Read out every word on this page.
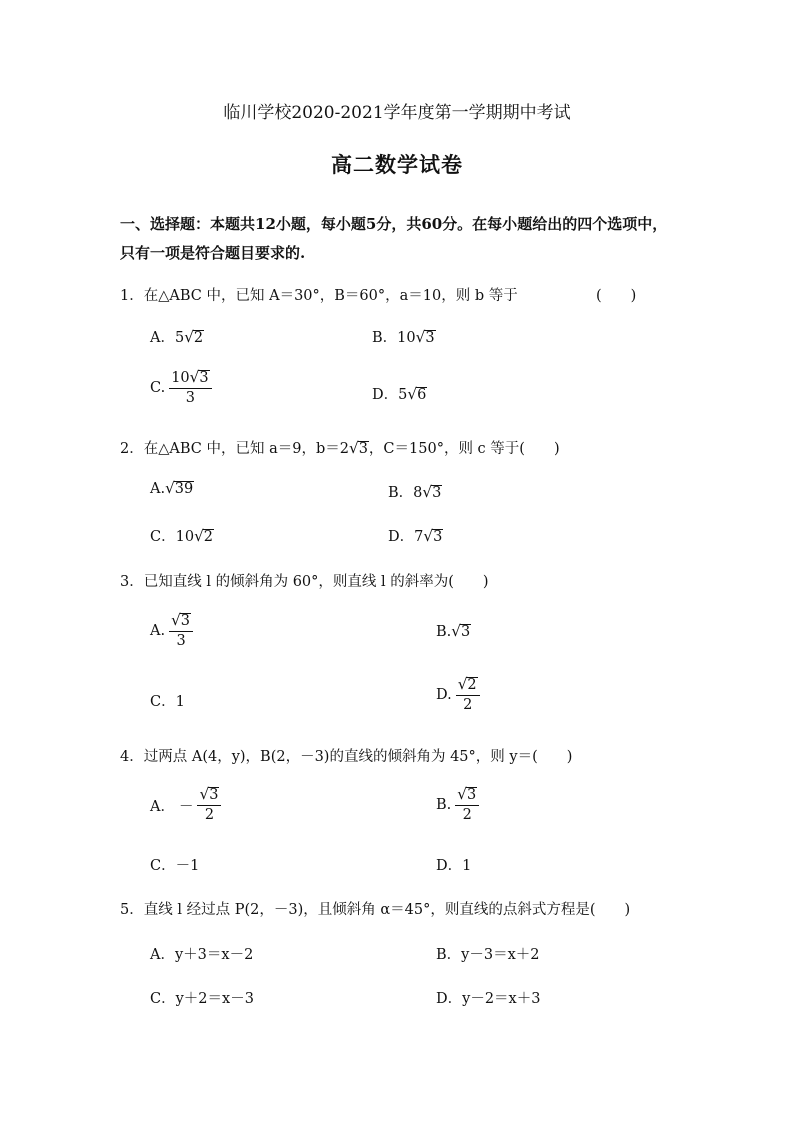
临川学校2020-2021学年度第一学期期中考试
高二数学试卷
一、选择题：本题共12小题，每小题5分，共60分。在每小题给出的四个选项中，只有一项是符合题目要求的.
1．在△ABC 中，已知 A＝30°，B＝60°，a＝10，则 b 等于	(　　)
A．5 √ 2	B．10 √ 3
C. $\frac{10 √ 3}{3}$	D．5 √ 6
2．在△ABC 中，已知 a＝9，b＝2 √ 3 ，C＝150°，则 c 等于(　　)
A. √ 39	B．8 √ 3
C．10 √ 2	D．7 √ 3
3．已知直线 l 的倾斜角为 60°，则直线 l 的斜率为(　　)
A. $\frac{√ 3}{3}$	B. √ 3
C．1	D. $\frac{√ 2}{2}$
4．过两点 A(4，y)，B(2，－3)的直线的倾斜角为 45°，则 y＝(　　)
A． － $\frac{√ 3}{2}$	B. $\frac{√ 3}{2}$
C．－1	D．1
5．直线 l 经过点 P(2，－3)，且倾斜角 α＝45°，则直线的点斜式方程是(　　)
A．y＋3＝x－2	B．y－3＝x＋2
C．y＋2＝x－3	D．y－2＝x＋3
